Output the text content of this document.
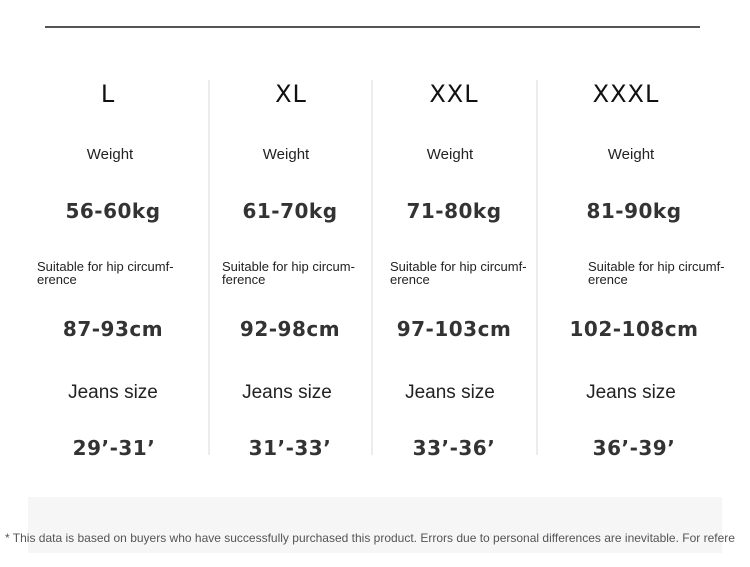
L
Weight
56-60kg
Suitable for hip circumf-
erence
87-93cm
Jeans size
29’-31’
XL
Weight
61-70kg
Suitable for hip circum-
ference
92-98cm
Jeans size
31’-33’
XXL
Weight
71-80kg
Suitable for hip circumf-
erence
97-103cm
Jeans size
33’-36’
XXXL
Weight
81-90kg
Suitable for hip circumf-
erence
102-108cm
Jeans size
36’-39’
* This data is based on buyers who have successfully purchased this product. Errors due to personal differences are inevitable. For refere
